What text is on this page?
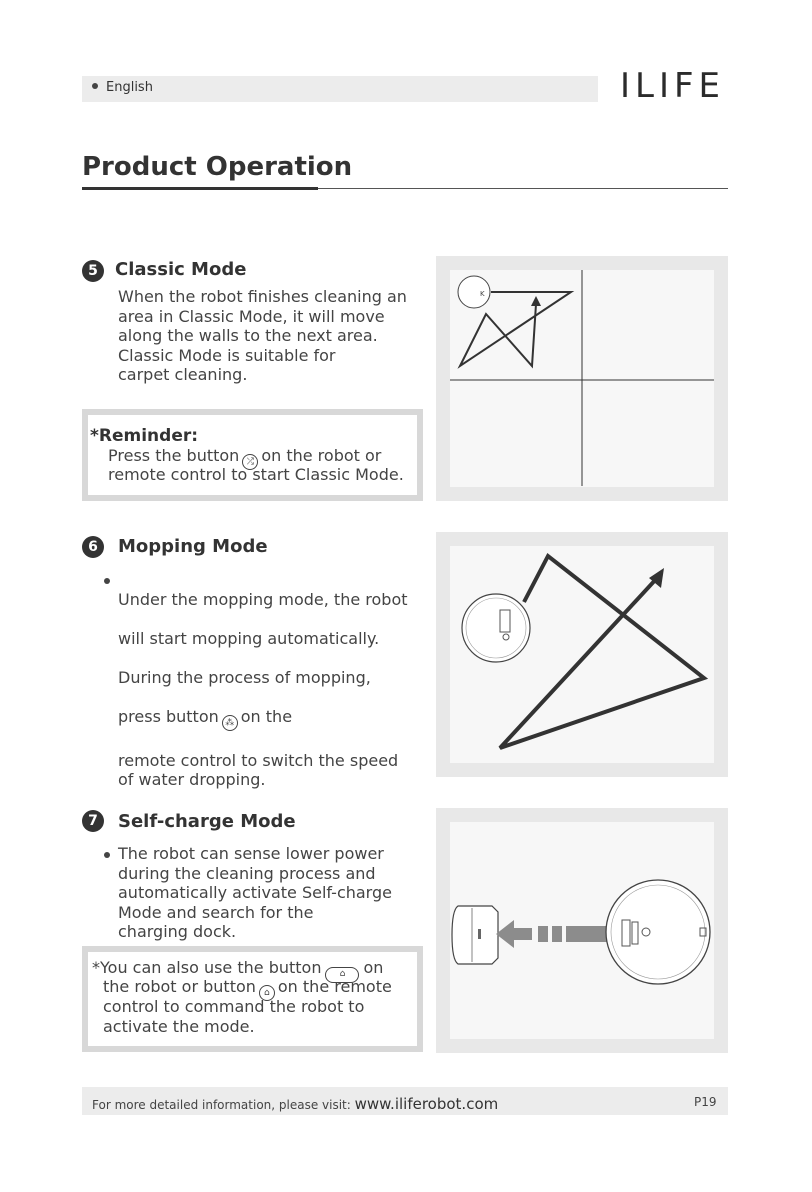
English	ILIFE
Product Operation
5 Classic Mode
When the robot finishes cleaning an
area in Classic Mode, it will move
along the walls to the next area.
Classic Mode is suitable for
carpet cleaning.
*Reminder:
Press the button ⤮ on the robot or
remote control to start Classic Mode.
K
6	Mopping Mode

Under the mopping mode, the robot

will start mopping automatically.

During the process of mopping,

press button ⁂ on the

remote control to switch the speed
of water dropping.

7	Self-charge Mode
The robot can sense lower power
during the cleaning process and
automatically activate Self-charge
Mode and search for the
charging dock.
*You can also use the button ⌂ on
the robot or button ⌂ on the remote
control to command the robot to
activate the mode.
For more detailed information, please visit: www.iliferobot.com	P19
